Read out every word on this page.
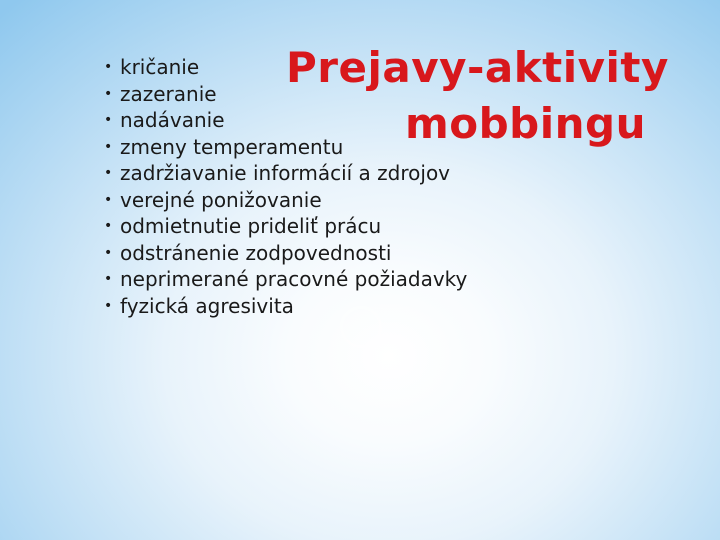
Prejavy-aktivity
mobbingu
• kričanie
• zazeranie
• nadávanie
• zmeny temperamentu
• zadržiavanie informácií a zdrojov
• verejné ponižovanie
• odmietnutie prideliť prácu
• odstránenie zodpovednosti
• neprimerané pracovné požiadavky
• fyzická agresivita
